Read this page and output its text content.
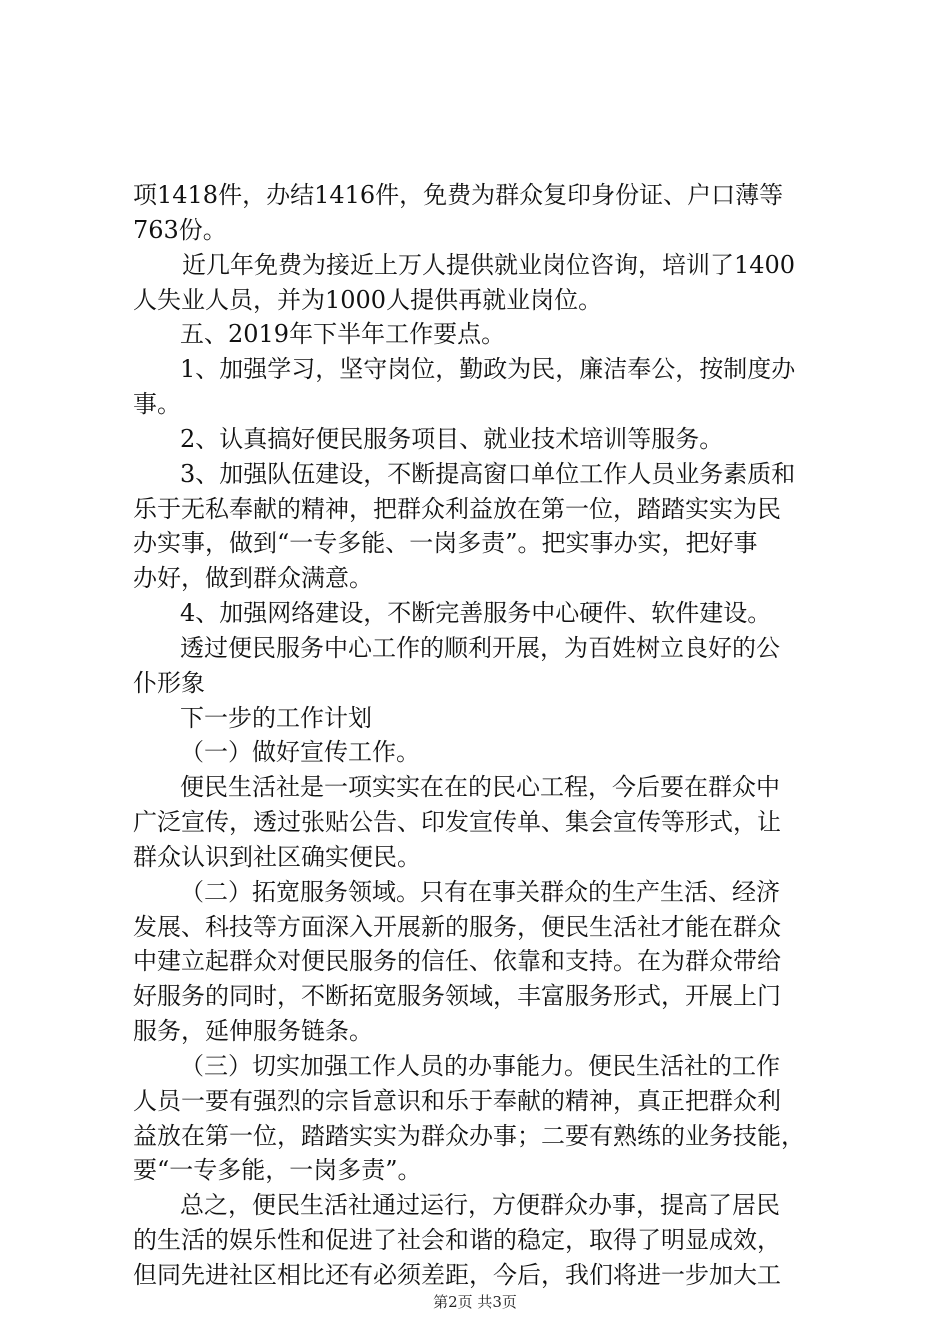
项1418件，办结1416件，免费为群众复印身份证、户口薄等
763份。
近几年免费为接近上万人提供就业岗位咨询，培训了1400
人失业人员，并为1000人提供再就业岗位。
五、2019年下半年工作要点。
1、加强学习，坚守岗位，勤政为民，廉洁奉公，按制度办
事。
2、认真搞好便民服务项目、就业技术培训等服务。
3、加强队伍建设，不断提高窗口单位工作人员业务素质和
乐于无私奉献的精神，把群众利益放在第一位，踏踏实实为民
办实事，做到“一专多能、一岗多责”。把实事办实，把好事
办好，做到群众满意。
4、加强网络建设，不断完善服务中心硬件、软件建设。
透过便民服务中心工作的顺利开展，为百姓树立良好的公
仆形象
下一步的工作计划
（一）做好宣传工作。
便民生活社是一项实实在在的民心工程，今后要在群众中
广泛宣传，透过张贴公告、印发宣传单、集会宣传等形式，让
群众认识到社区确实便民。
（二）拓宽服务领域。只有在事关群众的生产生活、经济
发展、科技等方面深入开展新的服务，便民生活社才能在群众
中建立起群众对便民服务的信任、依靠和支持。在为群众带给
好服务的同时，不断拓宽服务领域，丰富服务形式，开展上门
服务，延伸服务链条。
（三）切实加强工作人员的办事能力。便民生活社的工作
人员一要有强烈的宗旨意识和乐于奉献的精神，真正把群众利
益放在第一位，踏踏实实为群众办事；二要有熟练的业务技能，
要“一专多能，一岗多责”。
总之，便民生活社通过运行，方便群众办事，提高了居民
的生活的娱乐性和促进了社会和谐的稳定，取得了明显成效，
但同先进社区相比还有必须差距，今后，我们将进一步加大工
第2页 共3页
